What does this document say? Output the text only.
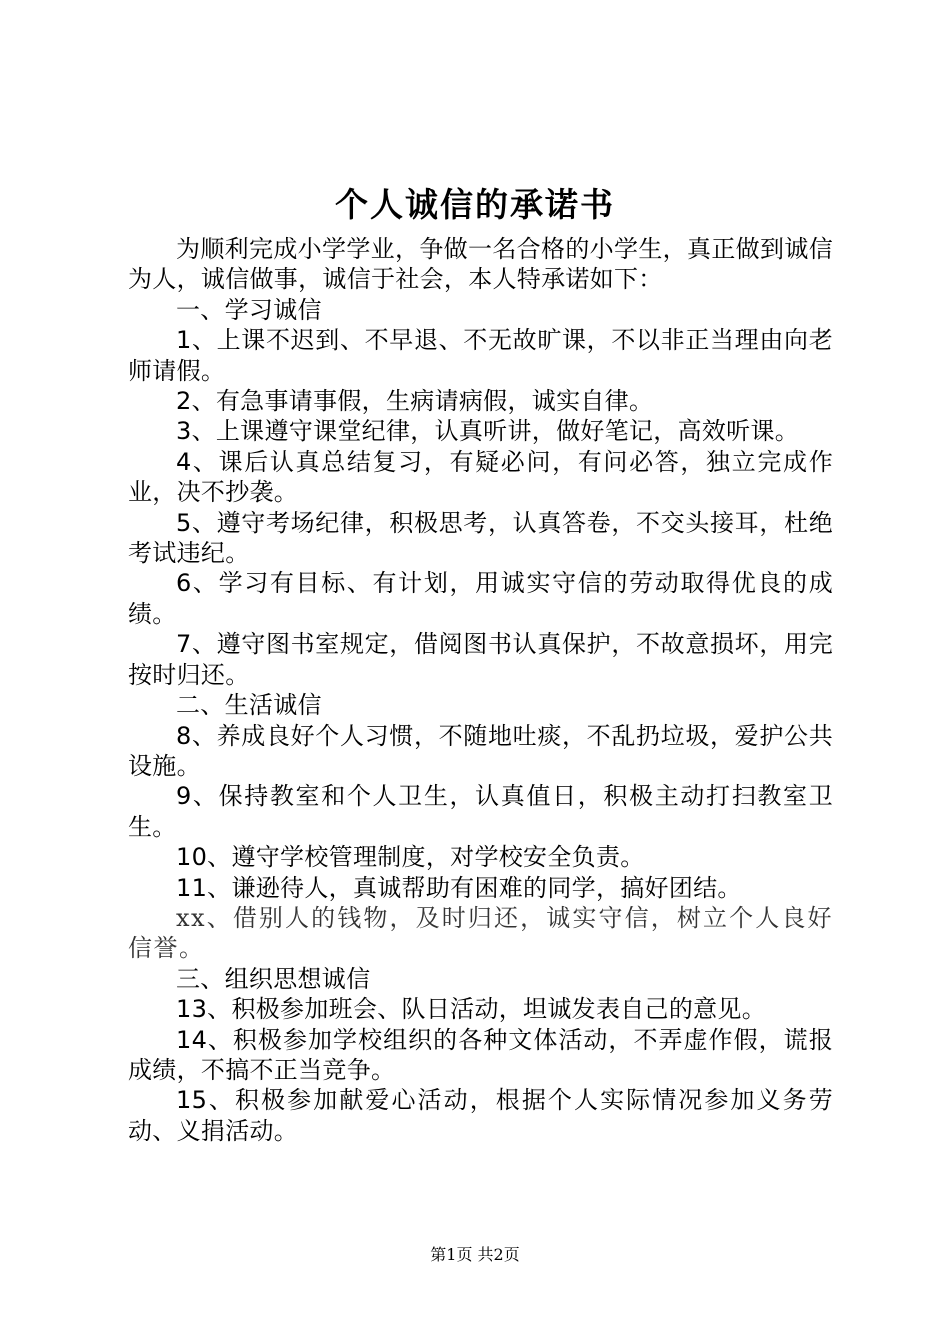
个人诚信的承诺书

为顺利完成小学学业，争做一名合格的小学生，真正做到诚信为人，诚信做事，诚信于社会，本人特承诺如下：

一、学习诚信

1、上课不迟到、不早退、不无故旷课，不以非正当理由向老师请假。

2、有急事请事假，生病请病假，诚实自律。

3、上课遵守课堂纪律，认真听讲，做好笔记，高效听课。

4、课后认真总结复习，有疑必问，有问必答，独立完成作业，决不抄袭。

5、遵守考场纪律，积极思考，认真答卷，不交头接耳，杜绝考试违纪。

6、学习有目标、有计划，用诚实守信的劳动取得优良的成绩。

7、遵守图书室规定，借阅图书认真保护，不故意损坏，用完按时归还。

二、生活诚信

8、养成良好个人习惯，不随地吐痰，不乱扔垃圾，爱护公共设施。

9、保持教室和个人卫生，认真值日，积极主动打扫教室卫生。

10、遵守学校管理制度，对学校安全负责。

11、谦逊待人，真诚帮助有困难的同学，搞好团结。

xx、借别人的钱物，及时归还，诚实守信，树立个人良好信誉。

三、组织思想诚信

13、积极参加班会、队日活动，坦诚发表自己的意见。

14、积极参加学校组织的各种文体活动，不弄虚作假，谎报成绩，不搞不正当竞争。

15、积极参加献爱心活动，根据个人实际情况参加义务劳动、义捐活动。

第1页 共2页
